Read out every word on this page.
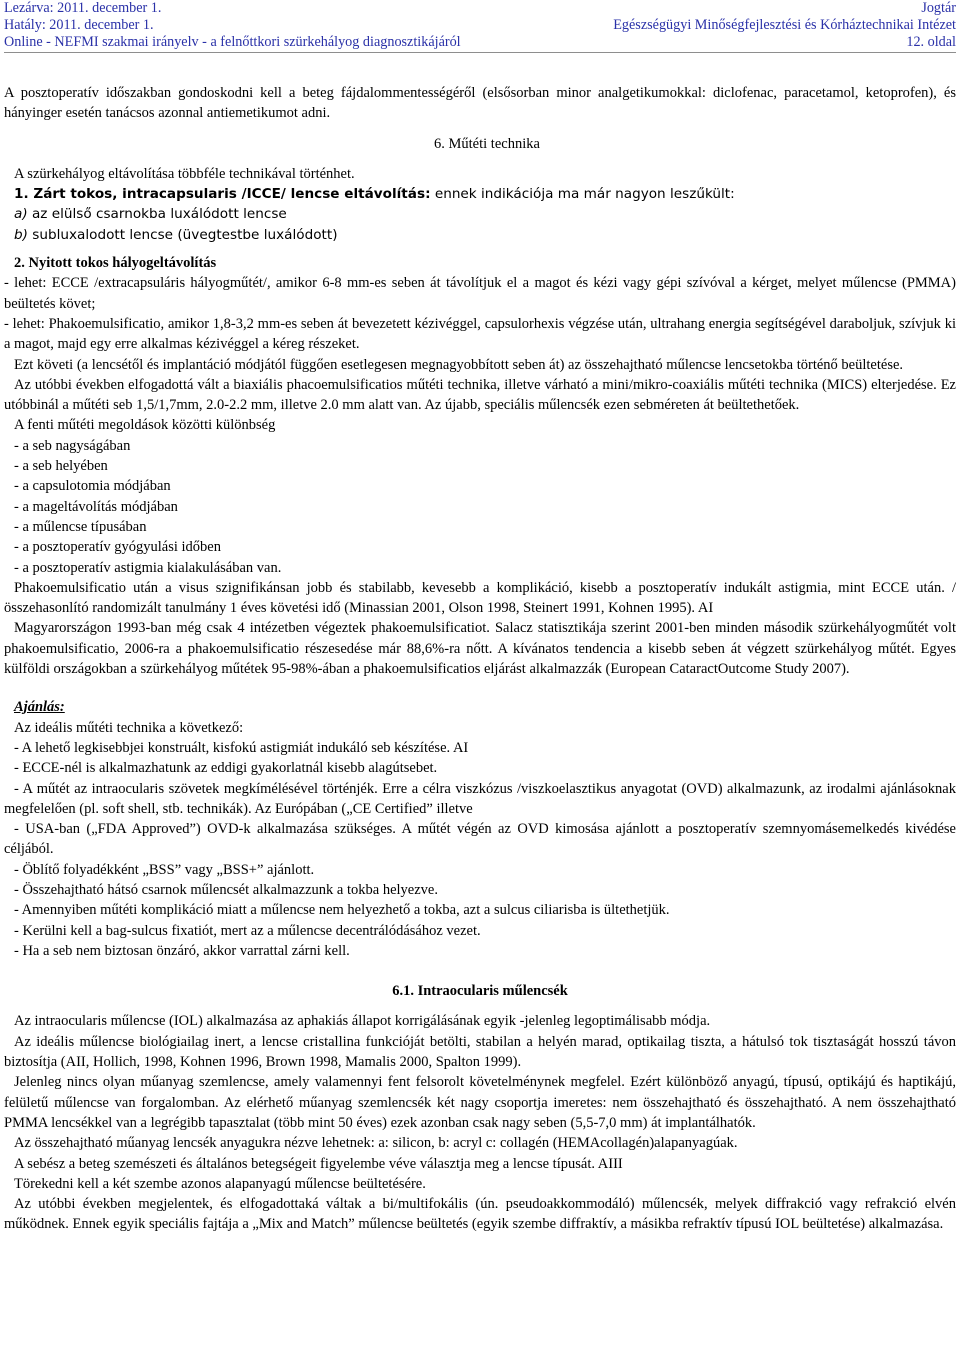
Lezárva: 2011. december 1.	Jogtár
Hatály: 2011. december 1.	Egészségügyi Minőségfejlesztési és Kórháztechnikai Intézet
Online - NEFMI szakmai irányelv - a felnőttkori szürkehályog diagnosztikájáról	12. oldal

A posztoperatív időszakban gondoskodni kell a beteg fájdalommentességéről (elsősorban minor analgetikumokkal: diclofenac, paracetamol, ketoprofen), és hányinger esetén tanácsos azonnal antiemetikumot adni.

6. Műtéti technika

A szürkehályog eltávolítása többféle technikával történhet.

1. Zárt tokos, intracapsularis /ICCE/ lencse eltávolítás: ennek indikációja ma már nagyon leszűkült:

a) az elülső csarnokba luxálódott lencse

b) subluxalodott lencse (üvegtestbe luxálódott)

2. Nyitott tokos hályogeltávolítás

- lehet: ECCE /extracapsuláris hályogműtét/, amikor 6-8 mm-es seben át távolítjuk el a magot és kézi vagy gépi szívóval a kérget, melyet műlencse (PMMA) beültetés követ;

- lehet: Phakoemulsificatio, amikor 1,8-3,2 mm-es seben át bevezetett kézivéggel, capsulorhexis végzése után, ultrahang energia segítségével daraboljuk, szívjuk ki a magot, majd egy erre alkalmas kézivéggel a kéreg részeket.

Ezt követi (a lencsétől és implantáció módjától függően esetlegesen megnagyobbított seben át) az összehajtható műlencse lencsetokba történő beültetése.

Az utóbbi években elfogadottá vált a biaxiális phacoemulsificatios műtéti technika, illetve várható a mini/mikro-coaxiális műtéti technika (MICS) elterjedése. Ez utóbbinál a műtéti seb 1,5/1,7mm, 2.0-2.2 mm, illetve 2.0 mm alatt van. Az újabb, speciális műlencsék ezen sebméreten át beültethetőek.

A fenti műtéti megoldások közötti különbség

- a seb nagyságában

- a seb helyében

- a capsulotomia módjában

- a mageltávolítás módjában

- a műlencse típusában

- a posztoperatív gyógyulási időben

- a posztoperatív astigmia kialakulásában van.

Phakoemulsificatio után a visus szignifikánsan jobb és stabilabb, kevesebb a komplikáció, kisebb a posztoperatív indukált astigmia, mint ECCE után. /összehasonlító randomizált tanulmány 1 éves követési idő (Minassian 2001, Olson 1998, Steinert 1991, Kohnen 1995). AI

Magyarországon 1993-ban még csak 4 intézetben végeztek phakoemulsificatiot. Salacz statisztikája szerint 2001-ben minden második szürkehályogműtét volt phakoemulsificatio, 2006-ra a phakoemulsificatio részesedése már 88,6%-ra nőtt. A kívánatos tendencia a kisebb seben át végzett szürkehályog műtét. Egyes külföldi országokban a szürkehályog műtétek 95-98%-ában a phakoemulsificatios eljárást alkalmazzák (European CataractOutcome Study 2007).

Ajánlás:

Az ideális műtéti technika a következő:

- A lehető legkisebbjei konstruált, kisfokú astigmiát indukáló seb készítése. AI

- ECCE-nél is alkalmazhatunk az eddigi gyakorlatnál kisebb alagútsebet.

- A műtét az intraocularis szövetek megkímélésével történjék. Erre a célra viszkózus /viszkoelasztikus anyagotat (OVD) alkalmazunk, az irodalmi ajánlásoknak megfelelően (pl. soft shell, stb. technikák). Az Európában („CE Certified” illetve

- USA-ban („FDA Approved”) OVD-k alkalmazása szükséges. A műtét végén az OVD kimosása ajánlott a posztoperatív szemnyomásemelkedés kivédése céljából.

- Öblítő folyadékként „BSS” vagy „BSS+” ajánlott.

- Összehajtható hátsó csarnok műlencsét alkalmazzunk a tokba helyezve.

- Amennyiben műtéti komplikáció miatt a műlencse nem helyezhető a tokba, azt a sulcus ciliarisba is ültethetjük.

- Kerülni kell a bag-sulcus fixatiót, mert az a műlencse decentrálódásához vezet.

- Ha a seb nem biztosan önzáró, akkor varrattal zárni kell.

6.1. Intraocularis műlencsék

Az intraocularis műlencse (IOL) alkalmazása az aphakiás állapot korrigálásának egyik -jelenleg legoptimálisabb módja.

Az ideális műlencse biológiailag inert, a lencse cristallina funkcióját betölti, stabilan a helyén marad, optikailag tiszta, a hátulsó tok tisztaságát hosszú távon biztosítja (AII, Hollich, 1998, Kohnen 1996, Brown 1998, Mamalis 2000, Spalton 1999).

Jelenleg nincs olyan műanyag szemlencse, amely valamennyi fent felsorolt követelménynek megfelel. Ezért különböző anyagú, típusú, optikájú és haptikájú, felületű műlencse van forgalomban. Az elérhető műanyag szemlencsék két nagy csoportja imeretes: nem összehajtható és összehajtható. A nem összehajtható PMMA lencsékkel van a legrégibb tapasztalat (több mint 50 éves) ezek azonban csak nagy seben (5,5-7,0 mm) át implantálhatók.

Az összehajtható műanyag lencsék anyagukra nézve lehetnek: a: silicon, b: acryl c: collagén (HEMAcollagén)alapanyagúak.

A sebész a beteg szemészeti és általános betegségeit figyelembe véve választja meg a lencse típusát. AIII

Törekedni kell a két szembe azonos alapanyagú műlencse beültetésére.

Az utóbbi években megjelentek, és elfogadottaká váltak a bi/multifokális (ún. pseudoakkommodáló) műlencsék, melyek diffrakció vagy refrakció elvén működnek. Ennek egyik speciális fajtája a „Mix and Match” műlencse beültetés (egyik szembe diffraktív, a másikba refraktív típusú IOL beültetése) alkalmazása.
